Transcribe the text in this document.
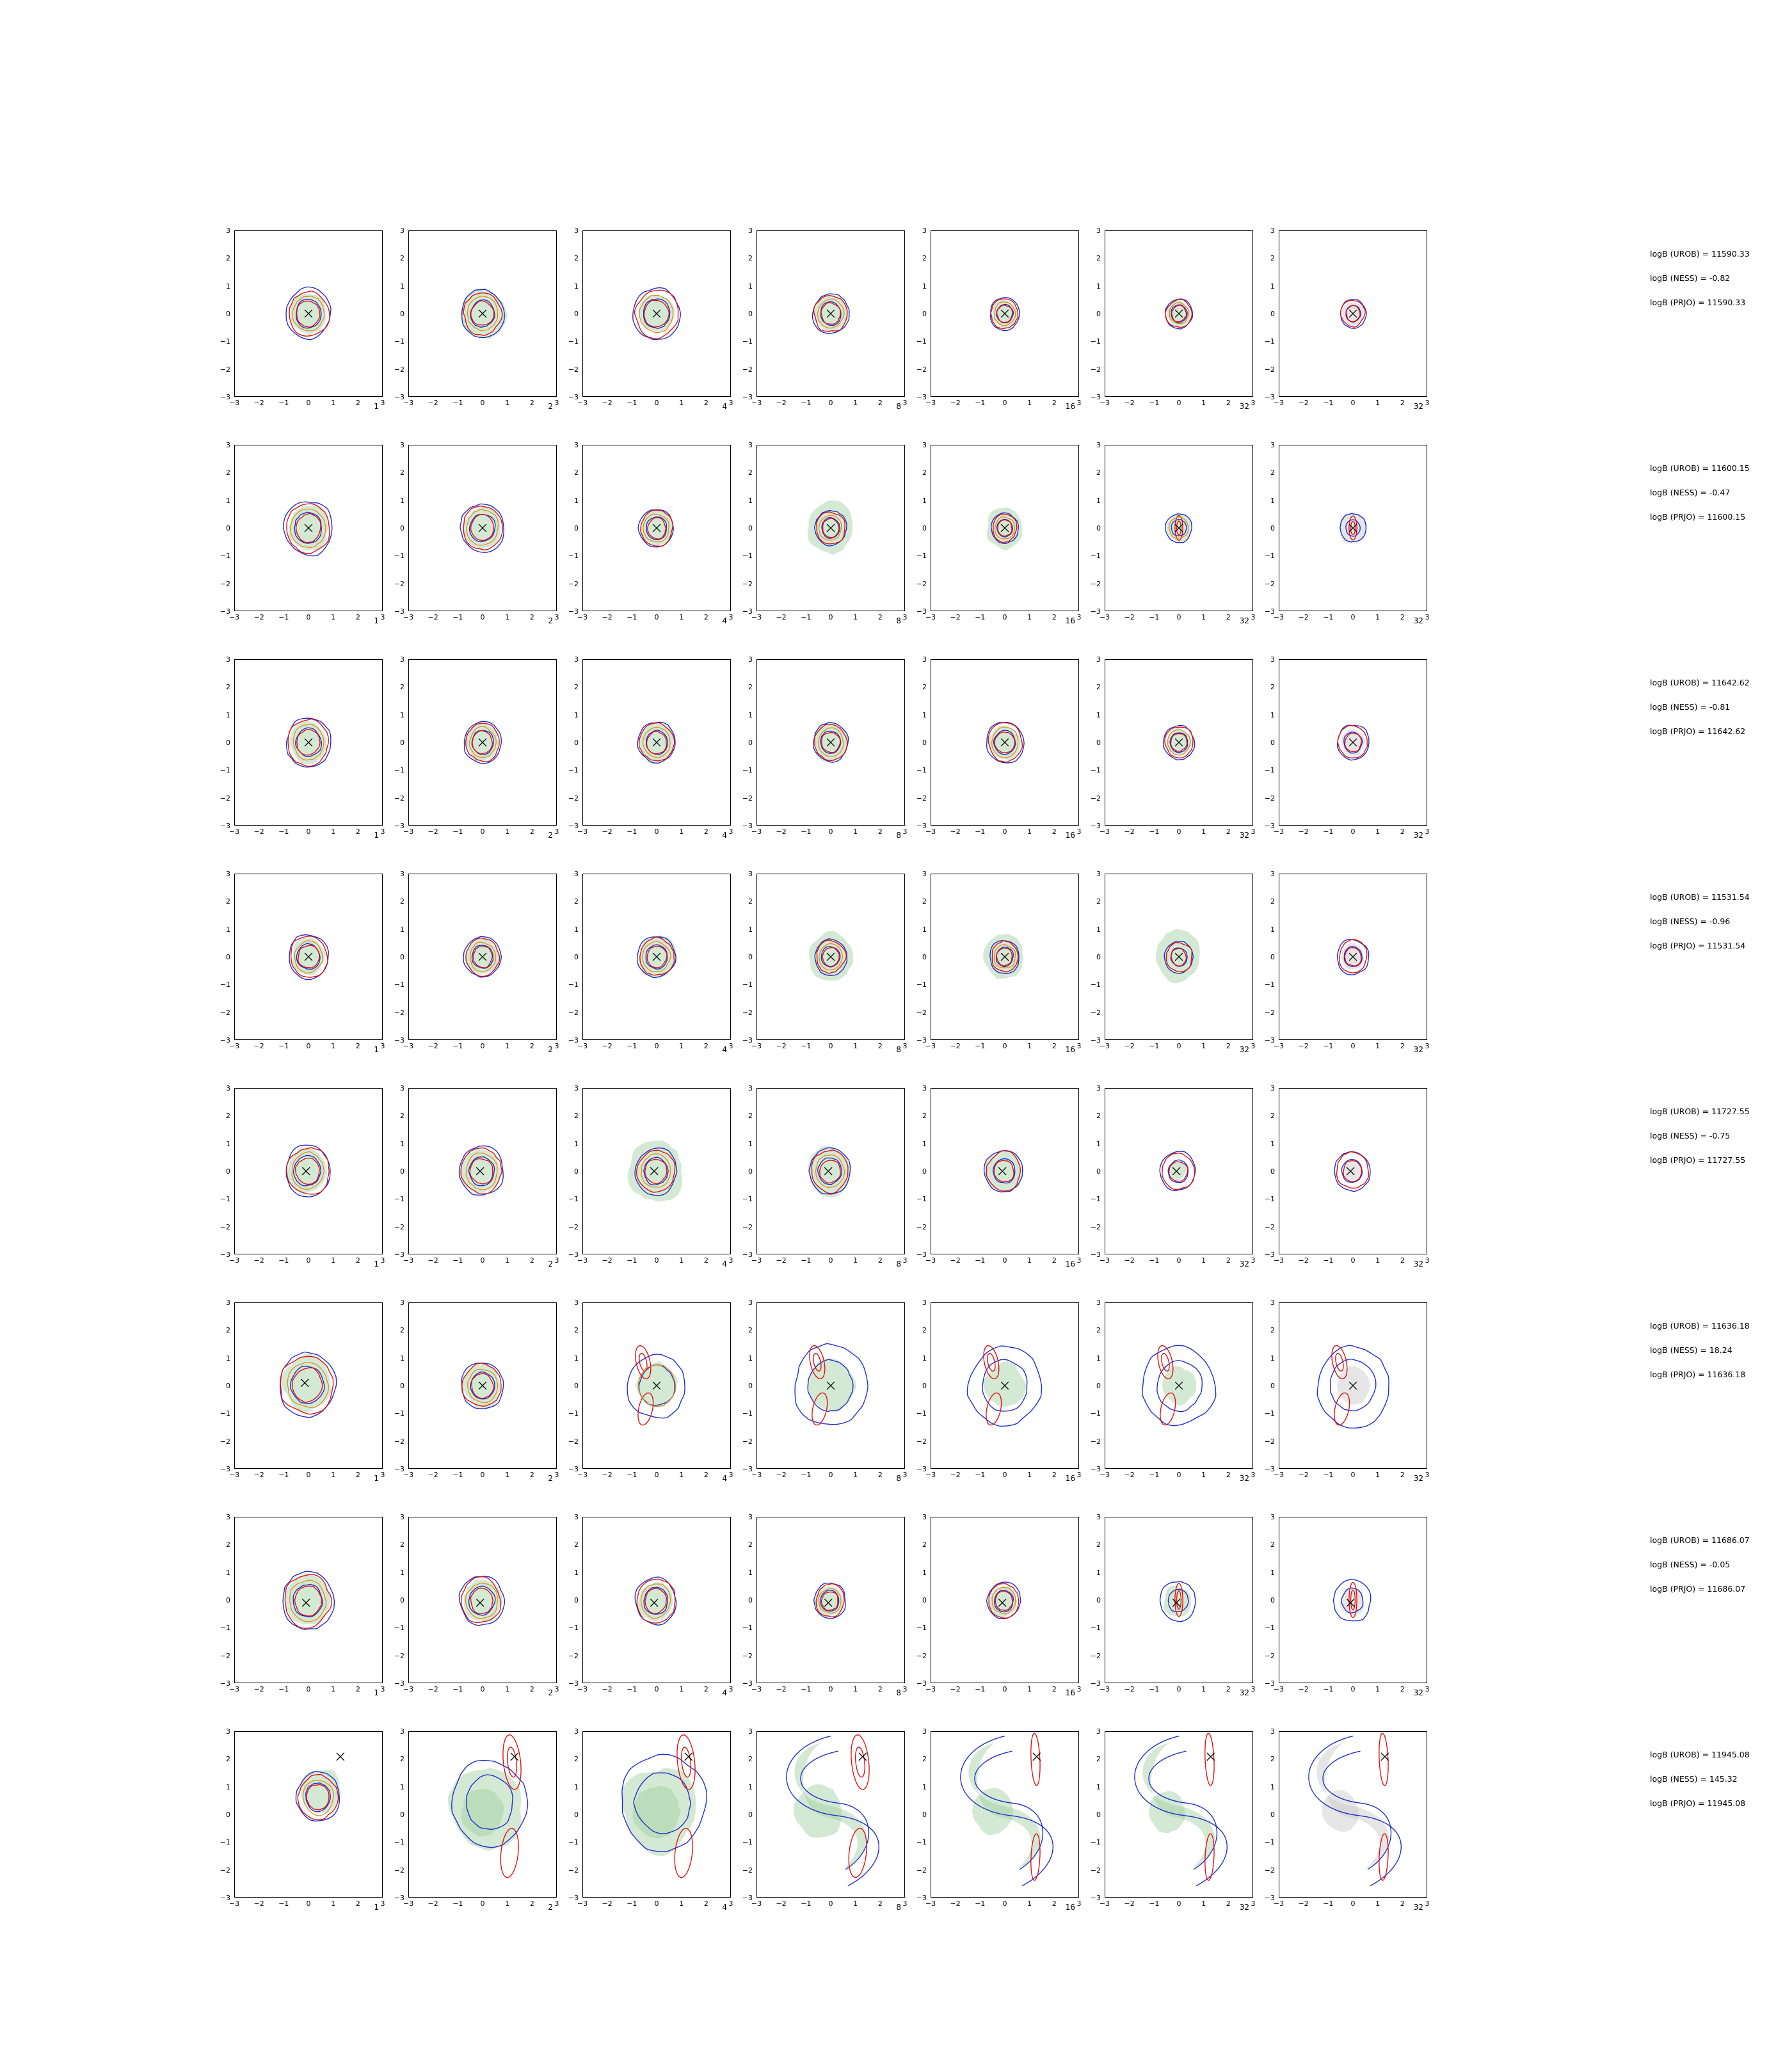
3
2
1
0
−1
−2
−3
−3	−2	−1	0	1	2	3
1
3
2
1
0
−1
−2
−3
−3	−2	−1	0	1	2	3
2
3
2
1
0
−1
−2
−3
−3	−2	−1	0	1	2	3
4
3
2
1
0
−1
−2
−3
−3	−2	−1	0	1	2	3
8
3
2
1
0
−1
−2
−3
−3	−2	−1	0	1	2	3
16
3
2
1
0
−1
−2
−3
−3	−2	−1	0	1	2	3
32
3
2
1
0
−1
−2
−3
−3	−2	−1	0	1	2	3
32
logB (UROB) = 11590.33
logB (NESS) = -0.82
logB (PRJO) = 11590.33
3
2
1
0
−1
−2
−3
−3	−2	−1	0	1	2	3
1
3
2
1
0
−1
−2
−3
−3	−2	−1	0	1	2	3
2
3
2
1
0
−1
−2
−3
−3	−2	−1	0	1	2	3
4
3
2
1
0
−1
−2
−3
−3	−2	−1	0	1	2	3
8
3
2
1
0
−1
−2
−3
−3	−2	−1	0	1	2	3
16
3
2
1
0
−1
−2
−3
−3	−2	−1	0	1	2	3
32
3
2
1
0
−1
−2
−3
−3	−2	−1	0	1	2	3
32
logB (UROB) = 11600.15
logB (NESS) = -0.47
logB (PRJO) = 11600.15
3
2
1
0
−1
−2
−3
−3	−2	−1	0	1	2	3
1
3
2
1
0
−1
−2
−3
−3	−2	−1	0	1	2	3
2
3
2
1
0
−1
−2
−3
−3	−2	−1	0	1	2	3
4
3
2
1
0
−1
−2
−3
−3	−2	−1	0	1	2	3
8
3
2
1
0
−1
−2
−3
−3	−2	−1	0	1	2	3
16
3
2
1
0
−1
−2
−3
−3	−2	−1	0	1	2	3
32
3
2
1
0
−1
−2
−3
−3	−2	−1	0	1	2	3
32
logB (UROB) = 11642.62
logB (NESS) = -0.81
logB (PRJO) = 11642.62
3
2
1
0
−1
−2
−3
−3	−2	−1	0	1	2	3
1
3
2
1
0
−1
−2
−3
−3	−2	−1	0	1	2	3
2
3
2
1
0
−1
−2
−3
−3	−2	−1	0	1	2	3
4
3
2
1
0
−1
−2
−3
−3	−2	−1	0	1	2	3
8
3
2
1
0
−1
−2
−3
−3	−2	−1	0	1	2	3
16
3
2
1
0
−1
−2
−3
−3	−2	−1	0	1	2	3
32
3
2
1
0
−1
−2
−3
−3	−2	−1	0	1	2	3
32
logB (UROB) = 11531.54
logB (NESS) = -0.96
logB (PRJO) = 11531.54
3
2
1
0
−1
−2
−3
−3	−2	−1	0	1	2	3
1
3
2
1
0
−1
−2
−3
−3	−2	−1	0	1	2	3
2
3
2
1
0
−1
−2
−3
−3	−2	−1	0	1	2	3
4
3
2
1
0
−1
−2
−3
−3	−2	−1	0	1	2	3
8
3
2
1
0
−1
−2
−3
−3	−2	−1	0	1	2	3
16
3
2
1
0
−1
−2
−3
−3	−2	−1	0	1	2	3
32
3
2
1
0
−1
−2
−3
−3	−2	−1	0	1	2	3
32
logB (UROB) = 11727.55
logB (NESS) = -0.75
logB (PRJO) = 11727.55
3
2
1
0
−1
−2
−3
−3	−2	−1	0	1	2	3
1
3
2
1
0
−1
−2
−3
−3	−2	−1	0	1	2	3
2
3
2
1
0
−1
−2
−3
−3	−2	−1	0	1	2	3
4
3
2
1
0
−1
−2
−3
−3	−2	−1	0	1	2	3
8
3
2
1
0
−1
−2
−3
−3	−2	−1	0	1	2	3
16
3
2
1
0
−1
−2
−3
−3	−2	−1	0	1	2	3
32
3
2
1
0
−1
−2
−3
−3	−2	−1	0	1	2	3
32
logB (UROB) = 11636.18
logB (NESS) = 18.24
logB (PRJO) = 11636.18
3
2
1
0
−1
−2
−3
−3	−2	−1	0	1	2	3
1
3
2
1
0
−1
−2
−3
−3	−2	−1	0	1	2	3
2
3
2
1
0
−1
−2
−3
−3	−2	−1	0	1	2	3
4
3
2
1
0
−1
−2
−3
−3	−2	−1	0	1	2	3
8
3
2
1
0
−1
−2
−3
−3	−2	−1	0	1	2	3
16
3
2
1
0
−1
−2
−3
−3	−2	−1	0	1	2	3
32
3
2
1
0
−1
−2
−3
−3	−2	−1	0	1	2	3
32
logB (UROB) = 11686.07
logB (NESS) = -0.05
logB (PRJO) = 11686.07
3
2
1
0
−1
−2
−3
−3	−2	−1	0	1	2	3
1
3
2
1
0
−1
−2
−3
−3	−2	−1	0	1	2	3
2
3
2
1
0
−1
−2
−3
−3	−2	−1	0	1	2	3
4
3
2
1
0
−1
−2
−3
−3	−2	−1	0	1	2	3
8
3
2
1
0
−1
−2
−3
−3	−2	−1	0	1	2	3
16
3
2
1
0
−1
−2
−3
−3	−2	−1	0	1	2	3
32
3
2
1
0
−1
−2
−3
−3	−2	−1	0	1	2	3
32
logB (UROB) = 11945.08
logB (NESS) = 145.32
logB (PRJO) = 11945.08
